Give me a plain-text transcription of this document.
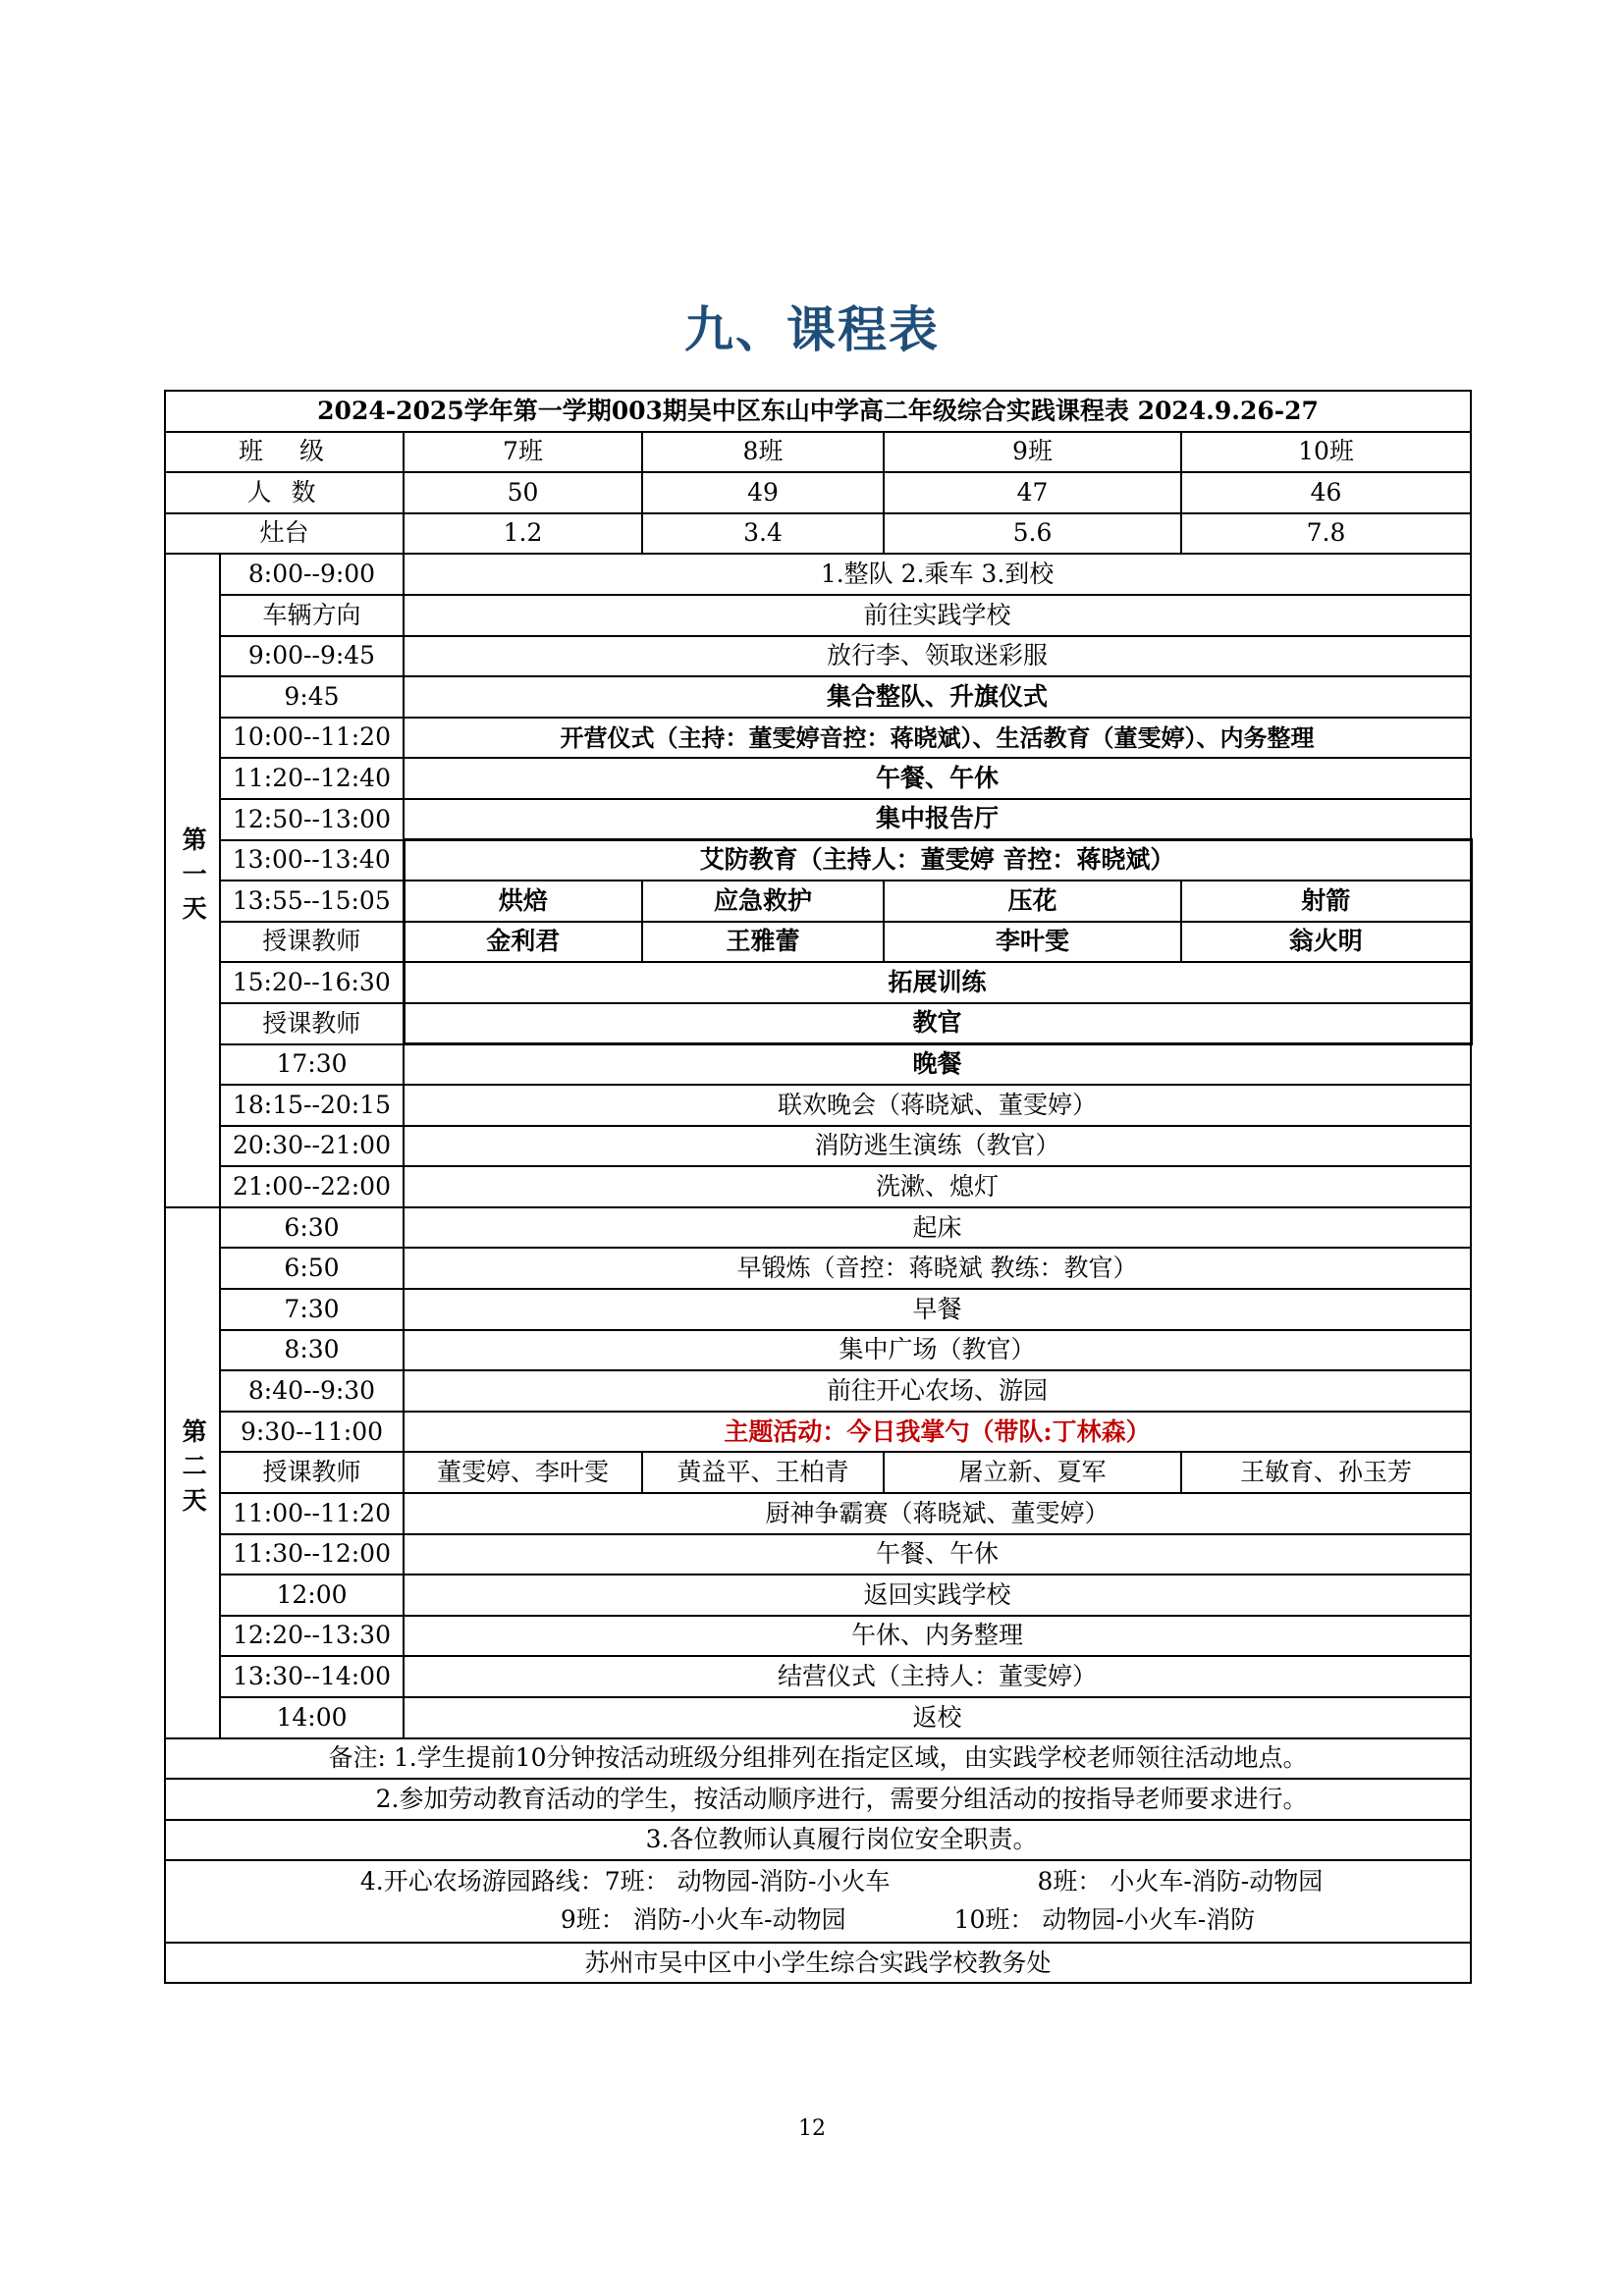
九、课程表
2024-2025学年第一学期003期吴中区东山中学高二年级综合实践课程表 2024.9.26-27					
班　级		7班	8班	9班	10班
人 数		50	49	47	46
灶台		1.2	3.4	5.6	7.8
第一天	8:00--9:00	1.整队 2.乘车 3.到校			
	车辆方向	前往实践学校			
	9:00--9:45	放行李、领取迷彩服			
	9:45	集合整队、升旗仪式			
	10:00--11:20	开营仪式（主持：董雯婷音控：蒋晓斌）、生活教育（董雯婷）、内务整理			
	11:20--12:40	午餐、午休			
	12:50--13:00	集中报告厅			
	13:00--13:40	艾防教育（主持人：董雯婷 音控：蒋晓斌）			
	13:55--15:05	烘焙	应急救护	压花	射箭
	授课教师	金利君	王雅蕾	李叶雯	翁火明
	15:20--16:30	拓展训练			
	授课教师	教官			
	17:30	晚餐			
	18:15--20:15	联欢晚会（蒋晓斌、董雯婷）			
	20:30--21:00	消防逃生演练（教官）			
	21:00--22:00	洗漱、熄灯			
第二天	6:30	起床			
	6:50	早锻炼（音控：蒋晓斌 教练：教官）			
	7:30	早餐			
	8:30	集中广场（教官）			
	8:40--9:30	前往开心农场、游园			
	9:30--11:00	主题活动：今日我掌勺（带队:丁林森）			
	授课教师	董雯婷、李叶雯	黄益平、王柏青	屠立新、夏军	王敏育、孙玉芳
	11:00--11:20	厨神争霸赛（蒋晓斌、董雯婷）			
	11:30--12:00	午餐、午休			
	12:00	返回实践学校			
	12:20--13:30	午休、内务整理			
	13:30--14:00	结营仪式（主持人：董雯婷）			
	14:00	返校			
备注: 1.学生提前10分钟按活动班级分组排列在指定区域，由实践学校老师领往活动地点。					
2.参加劳动教育活动的学生，按活动顺序进行，需要分组活动的按指导老师要求进行。					
3.各位教师认真履行岗位安全职责。					

4.开心农场游园路线：7班： 动物园-消防-小火车 8班： 小火车-消防-动物园
9班： 消防-小火车-动物园 10班： 动物园-小火车-消防					

苏州市吴中区中小学生综合实践学校教务处					
12
